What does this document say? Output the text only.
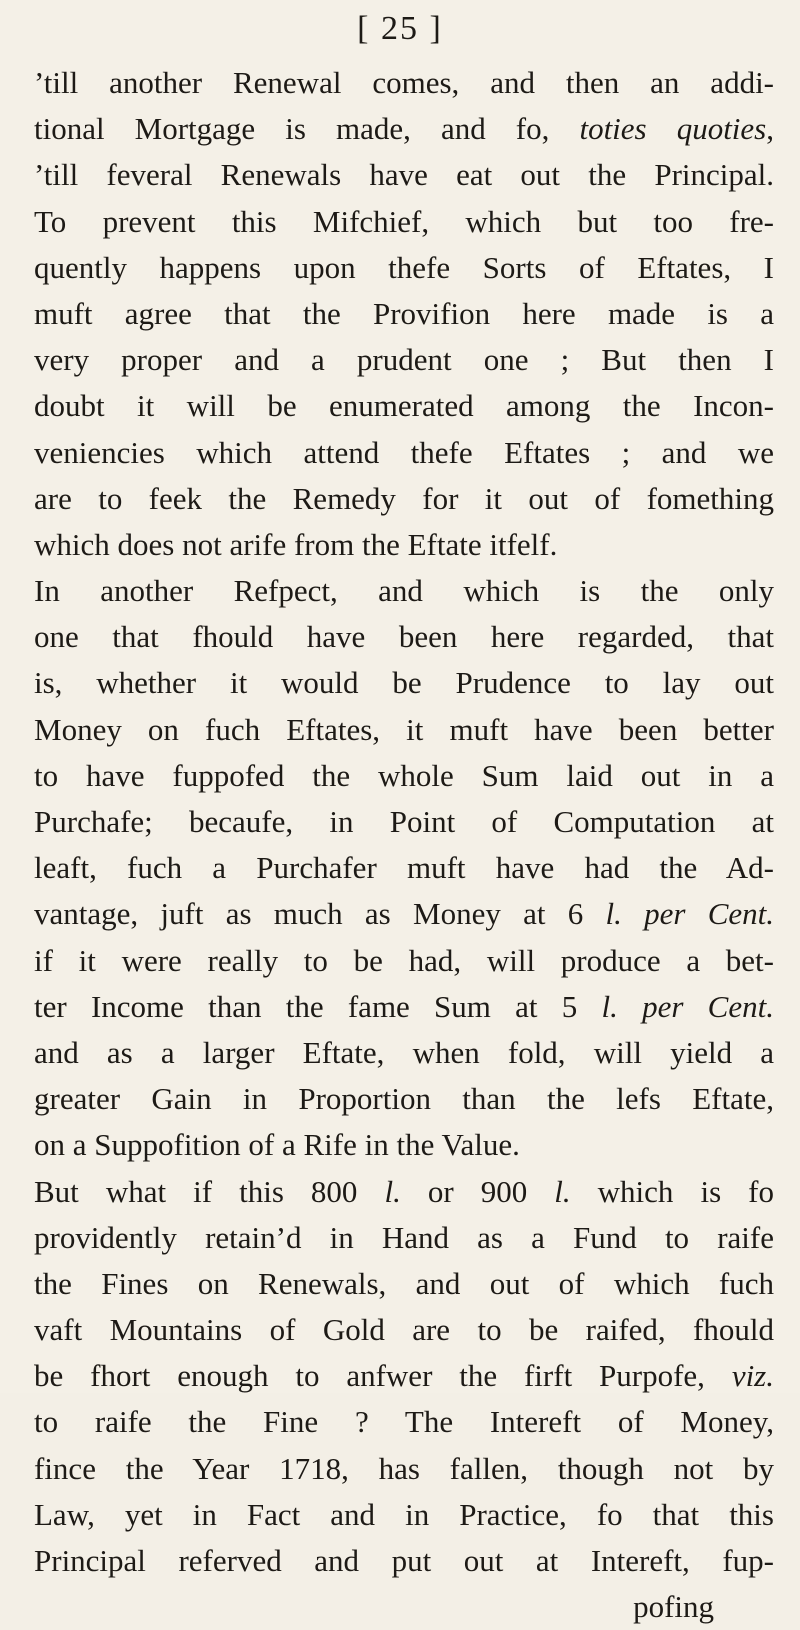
[ 25 ]
’till another Renewal comes, and then an addi-
tional Mortgage is made, and fo, toties quoties,
’till feveral Renewals have eat out the Principal.
To prevent this Mifchief, which but too fre-
quently happens upon thefe Sorts of Eftates, I
muft agree that the Provifion here made is a
very proper and a prudent one ; But then I
doubt it will be enumerated among the Incon-
veniencies which attend thefe Eftates ; and we
are to feek the Remedy for it out of fomething
which does not arife from the Eftate itfelf.
In another Refpect, and which is the only
one that fhould have been here regarded, that
is, whether it would be Prudence to lay out
Money on fuch Eftates, it muft have been better
to have fuppofed the whole Sum laid out in a
Purchafe; becaufe, in Point of Computation at
leaft, fuch a Purchafer muft have had the Ad-
vantage, juft as much as Money at 6 l. per Cent.
if it were really to be had, will produce a bet-
ter Income than the fame Sum at 5 l. per Cent.
and as a larger Eftate, when fold, will yield a
greater Gain in Proportion than the lefs Eftate,
on a Suppofition of a Rife in the Value.
But what if this 800 l. or 900 l. which is fo
providently retain’d in Hand as a Fund to raife
the Fines on Renewals, and out of which fuch
vaft Mountains of Gold are to be raifed, fhould
be fhort enough to anfwer the firft Purpofe, viz.
to raife the Fine ? The Intereft of Money,
fince the Year 1718, has fallen, though not by
Law, yet in Fact and in Practice, fo that this
Principal referved and put out at Intereft, fup-
pofing
